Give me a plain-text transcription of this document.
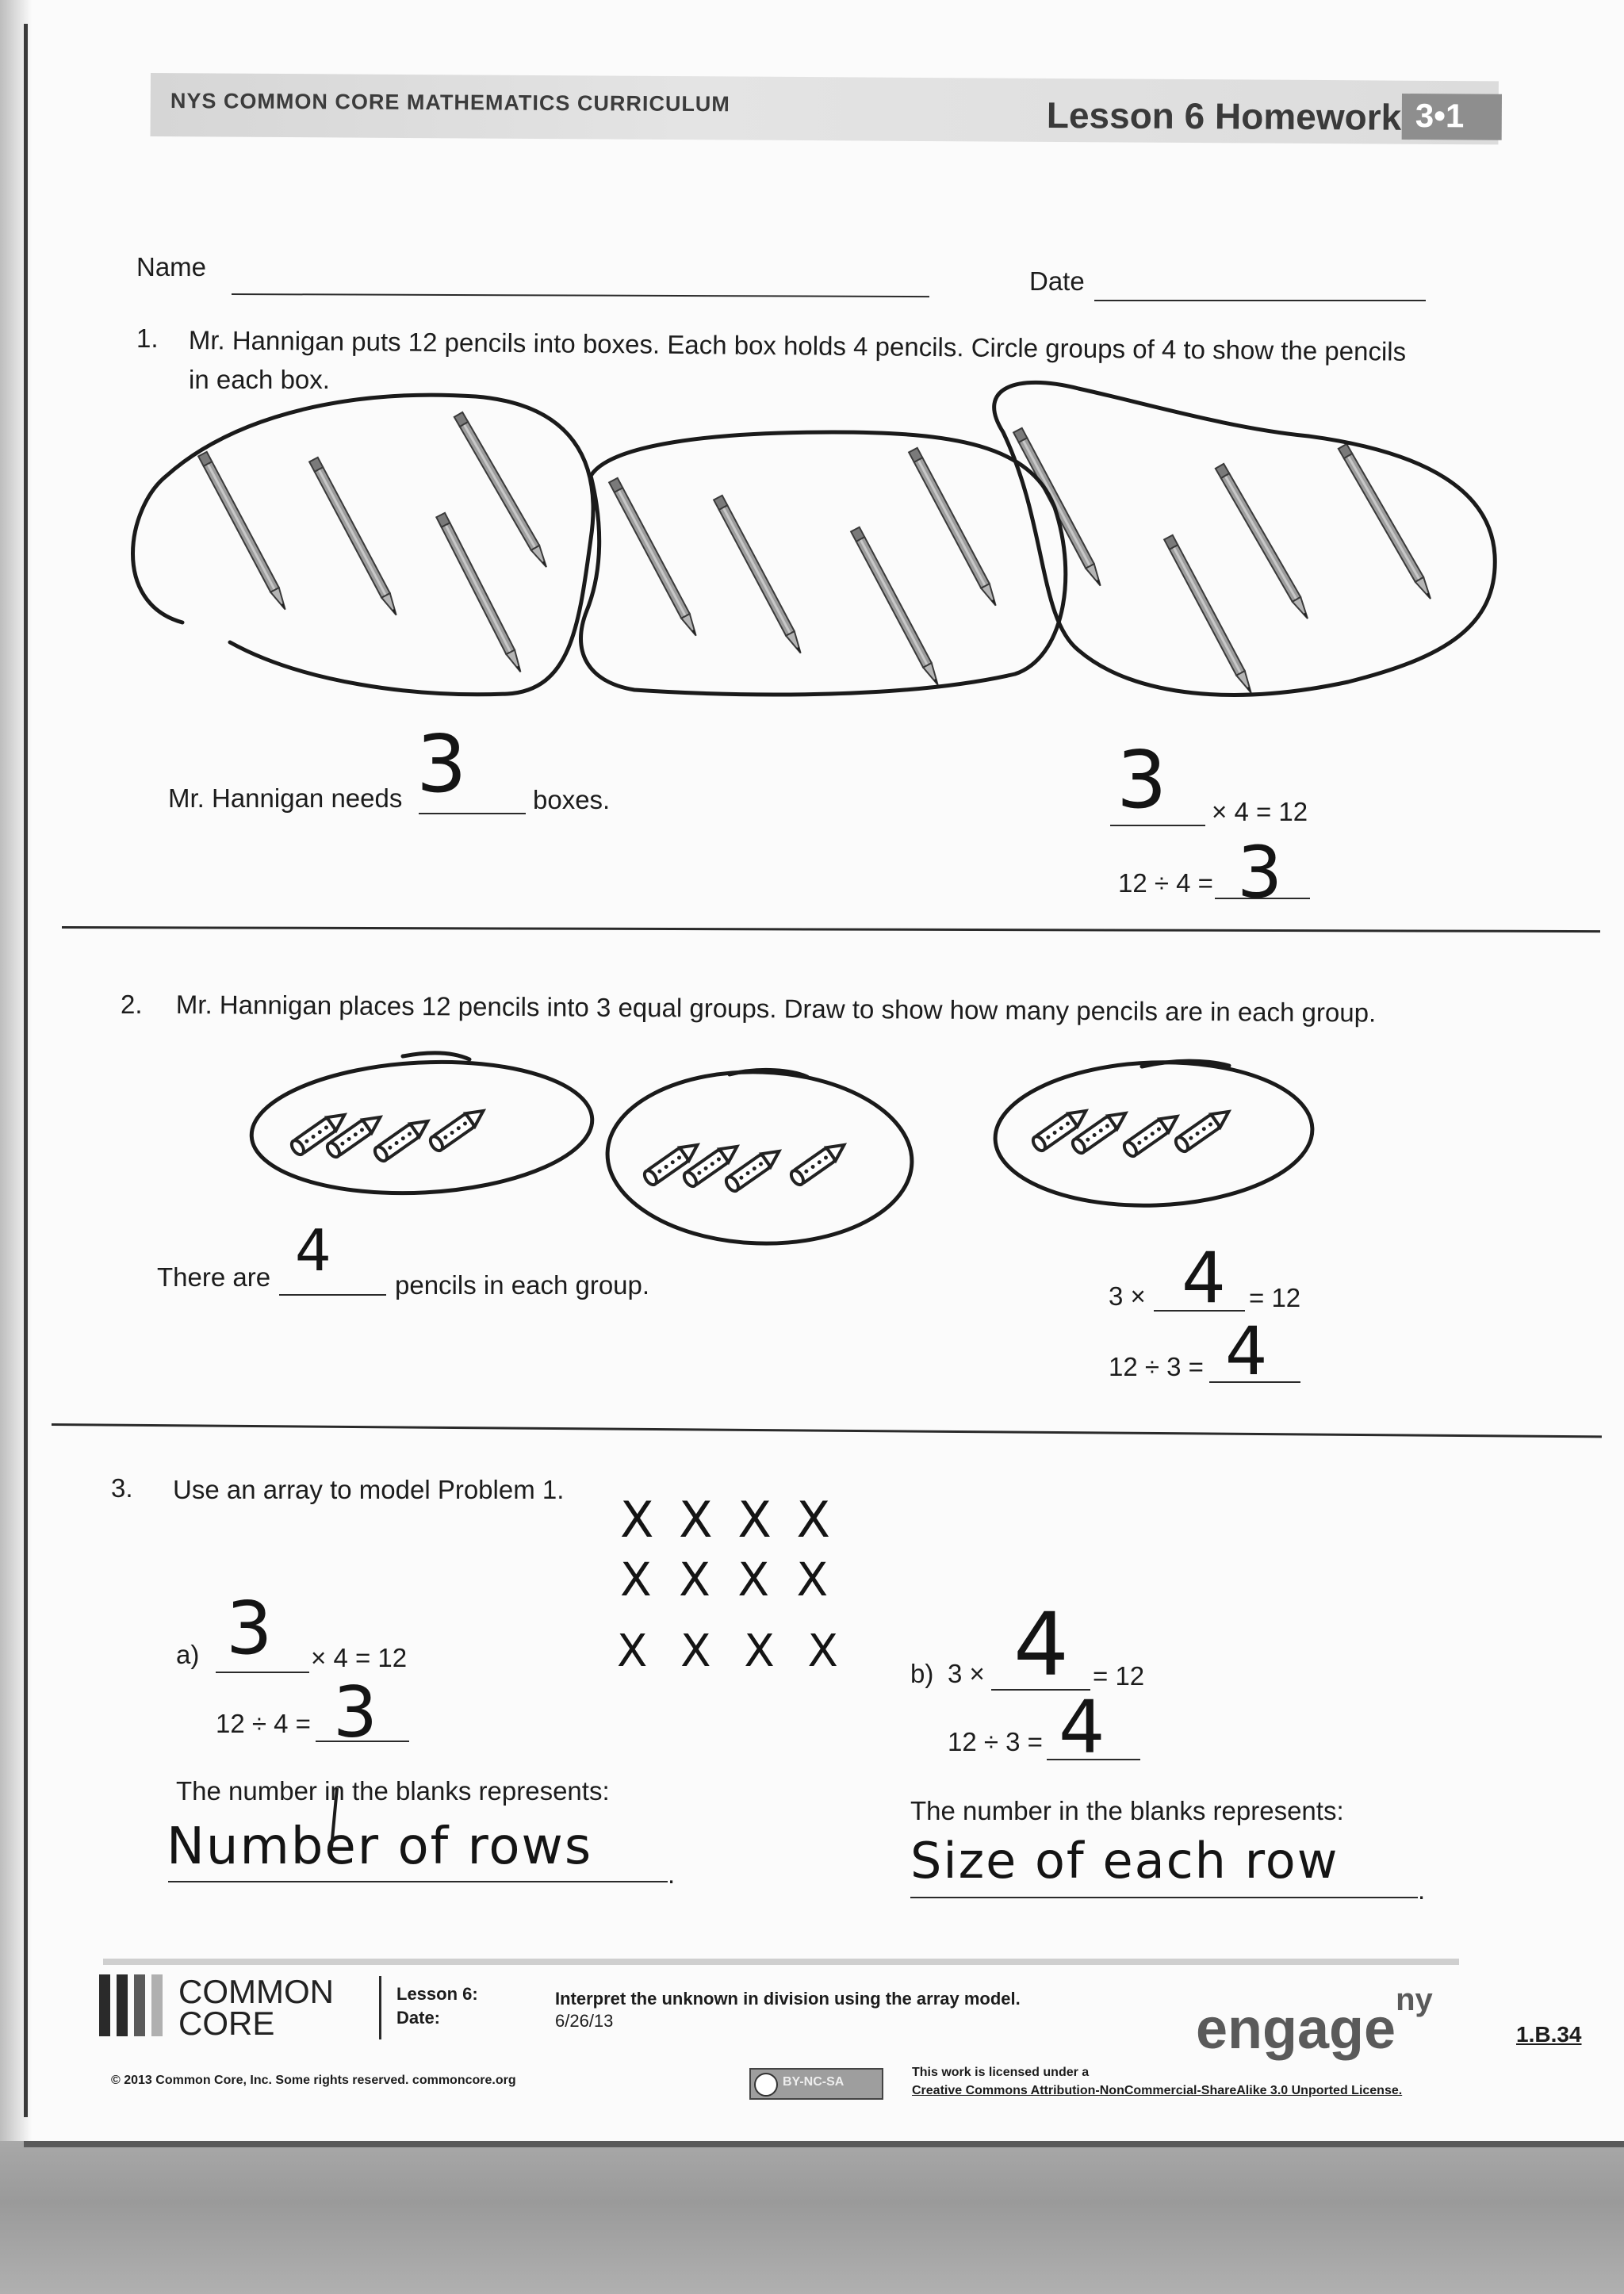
NYS COMMON CORE MATHEMATICS CURRICULUM	Lesson 6 Homework 3•1
Name	Date
1. Mr. Hannigan puts 12 pencils into boxes. Each box holds 4 pencils. Circle groups of 4 to show the pencils
in each box.
Mr. Hannigan needs 3	boxes.	3 × 4 = 12
12 ÷ 4 = 3
2. Mr. Hannigan places 12 pencils into 3 equal groups. Draw to show how many pencils are in each group.
There are 4
pencils in each group.	3 × 4 = 12
12 ÷ 3 = 4
3. Use an array to model Problem 1.
X X X X
X X X X
X X X X
a) 3 × 4 = 12
12 ÷ 4 = 3	b) 3 × 4 = 12
12 ÷ 3 = 4
The number in the blanks represents:
Number of rows	.
The number in the blanks represents:
Size of each row
.
COMMON
CORE
Lesson 6:
Date:
Interpret the unknown in division using the array model.
6/26/13	engage$^{ny}$
1.B.34
© 2013 Common Core, Inc. Some rights reserved. commoncore.org	BY-NC-SA
This work is licensed under a
Creative Commons Attribution-NonCommercial-ShareAlike 3.0 Unported License.
